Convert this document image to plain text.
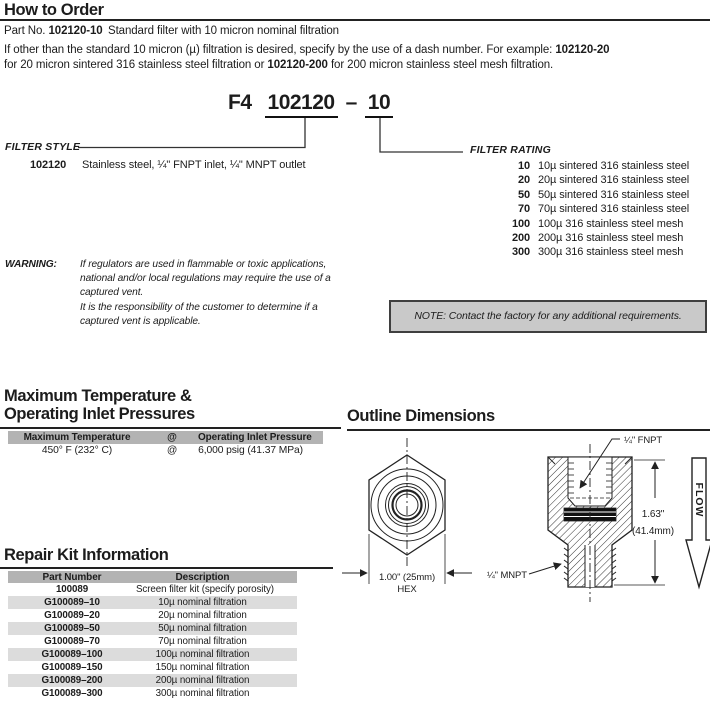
How to Order
Part No. 102120-10 Standard filter with 10 micron nominal filtration
If other than the standard 10 micron (µ) filtration is desired, specify by the use of a dash number. For example: 102120-20
for 20 micron sintered 316 stainless steel filtration or 102120-200 for 200 micron stainless steel mesh filtration.
F4 102120 – 10
FILTER STYLE
102120 Stainless steel, ¼" FNPT inlet, ¼" MNPT outlet
FILTER RATING
10 10µ sintered 316 stainless steel
20 20µ sintered 316 stainless steel
50 50µ sintered 316 stainless steel
70 70µ sintered 316 stainless steel
100 100µ 316 stainless steel mesh
200 200µ 316 stainless steel mesh
300 300µ 316 stainless steel mesh
WARNING: If regulators are used in flammable or toxic applications,
national and/or local regulations may require the use of a
captured vent.
It is the responsibility of the customer to determine if a
captured vent is applicable.	NOTE: Contact the factory for any additional requirements.
Maximum Temperature &
Operating Inlet Pressures
Maximum Temperature	@	Operating Inlet Pressure
450° F (232° C)	@	6,000 psig (41.37 MPa)
Outline Dimensions
1.00" (25mm)
HEX
¼" FNPT
¼" MNPT
1.63"
(41.4mm)
FLOW
Repair Kit Information
Part Number	Description
100089	Screen filter kit (specify porosity)
G100089–10	10µ nominal filtration
G100089–20	20µ nominal filtration
G100089–50	50µ nominal filtration
G100089–70	70µ nominal filtration
G100089–100	100µ nominal filtration
G100089–150	150µ nominal filtration
G100089–200	200µ nominal filtration
G100089–300	300µ nominal filtration
